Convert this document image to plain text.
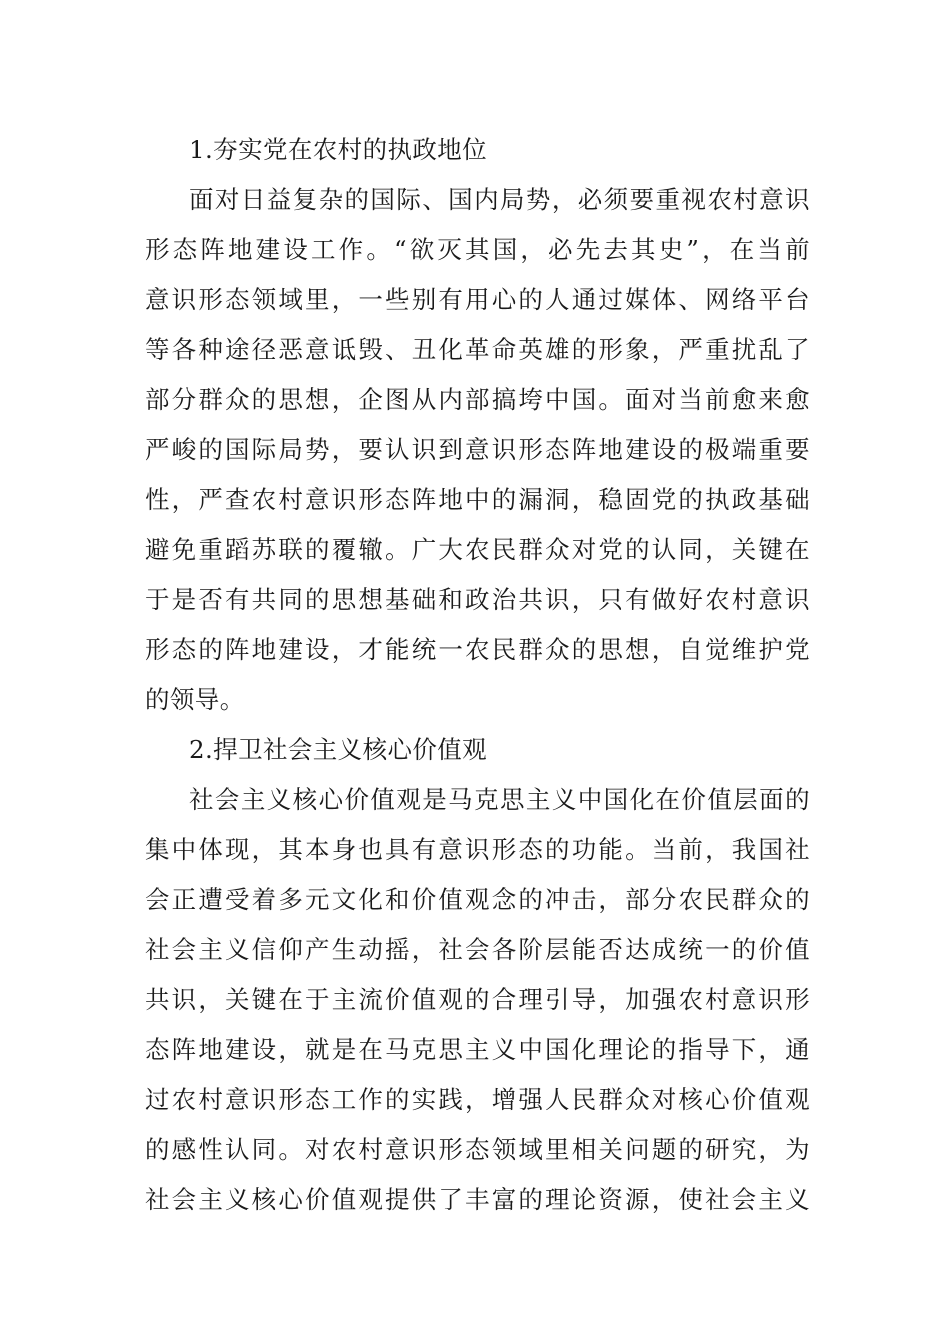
1.夯实党在农村的执政地位
面对日益复杂的国际、国内局势，必须要重视农村意识
形态阵地建设工作。“欲灭其国，必先去其史”，在当前
意识形态领域里，一些别有用心的人通过媒体、网络平台
等各种途径恶意诋毁、丑化革命英雄的形象，严重扰乱了
部分群众的思想，企图从内部搞垮中国。面对当前愈来愈
严峻的国际局势，要认识到意识形态阵地建设的极端重要
性，严查农村意识形态阵地中的漏洞，稳固党的执政基础
避免重蹈苏联的覆辙。广大农民群众对党的认同，关键在
于是否有共同的思想基础和政治共识，只有做好农村意识
形态的阵地建设，才能统一农民群众的思想，自觉维护党
的领导。
2.捍卫社会主义核心价值观
社会主义核心价值观是马克思主义中国化在价值层面的
集中体现，其本身也具有意识形态的功能。当前，我国社
会正遭受着多元文化和价值观念的冲击，部分农民群众的
社会主义信仰产生动摇，社会各阶层能否达成统一的价值
共识，关键在于主流价值观的合理引导，加强农村意识形
态阵地建设，就是在马克思主义中国化理论的指导下，通
过农村意识形态工作的实践，增强人民群众对核心价值观
的感性认同。对农村意识形态领域里相关问题的研究，为
社会主义核心价值观提供了丰富的理论资源，使社会主义
